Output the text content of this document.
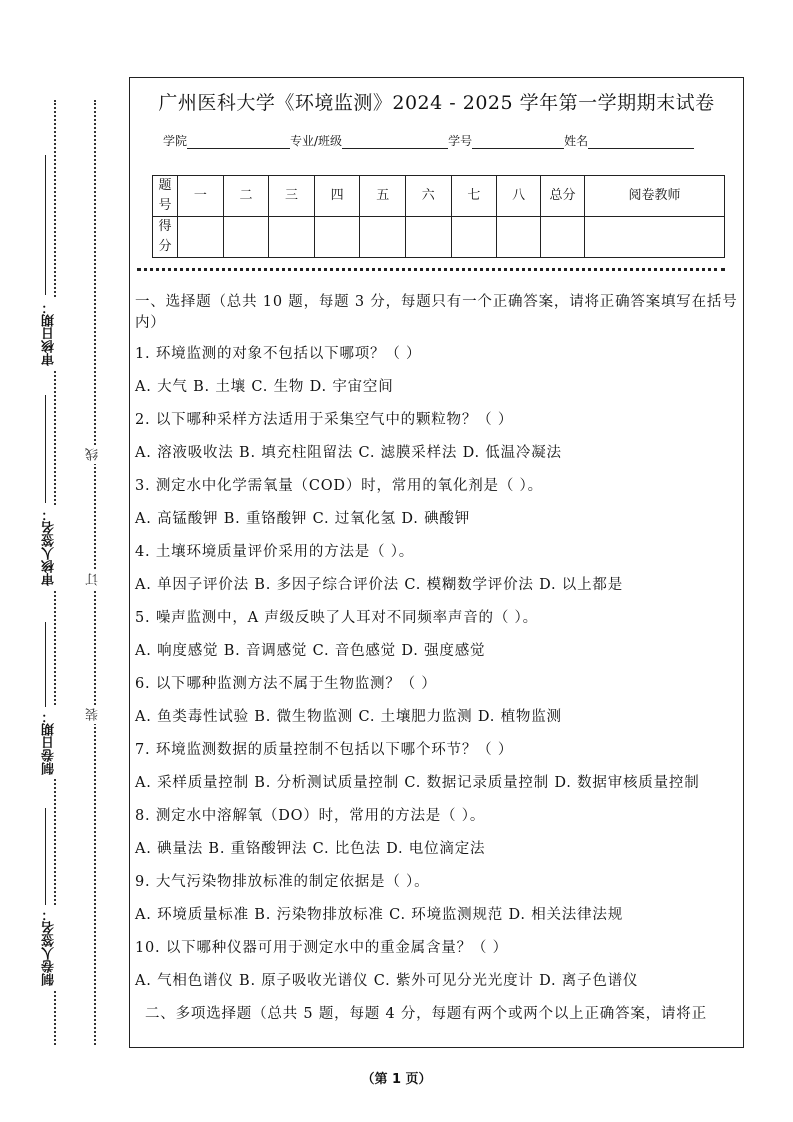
审核日期：
审核人签名：
制卷日期：
制卷人签名：
线
订
装
广州医科大学《环境监测》2024 - 2025 学年第一学期期末试卷
学院	专业/班级	学号	姓名
题号	一	二	三	四	五	六	七	八	总分	阅卷教师
得分										

一、选择题（总共 10 题，每题 3 分，每题只有一个正确答案，请将正确答案填写在括号内）

1. 环境监测的对象不包括以下哪项？（ ）

A. 大气 B. 土壤 C. 生物 D. 宇宙空间

2. 以下哪种采样方法适用于采集空气中的颗粒物？（ ）

A. 溶液吸收法 B. 填充柱阻留法 C. 滤膜采样法 D. 低温冷凝法

3. 测定水中化学需氧量（COD）时，常用的氧化剂是（ ）。

A. 高锰酸钾 B. 重铬酸钾 C. 过氧化氢 D. 碘酸钾

4. 土壤环境质量评价采用的方法是（ ）。

A. 单因子评价法 B. 多因子综合评价法 C. 模糊数学评价法 D. 以上都是

5. 噪声监测中，A 声级反映了人耳对不同频率声音的（ ）。

A. 响度感觉 B. 音调感觉 C. 音色感觉 D. 强度感觉

6. 以下哪种监测方法不属于生物监测？（ ）

A. 鱼类毒性试验 B. 微生物监测 C. 土壤肥力监测 D. 植物监测

7. 环境监测数据的质量控制不包括以下哪个环节？（ ）

A. 采样质量控制 B. 分析测试质量控制 C. 数据记录质量控制 D. 数据审核质量控制

8. 测定水中溶解氧（DO）时，常用的方法是（ ）。

A. 碘量法 B. 重铬酸钾法 C. 比色法 D. 电位滴定法

9. 大气污染物排放标准的制定依据是（ ）。

A. 环境质量标准 B. 污染物排放标准 C. 环境监测规范 D. 相关法律法规

10. 以下哪种仪器可用于测定水中的重金属含量？（ ）

A. 气相色谱仪 B. 原子吸收光谱仪 C. 紫外可见分光光度计 D. 离子色谱仪

二、多项选择题（总共 5 题，每题 4 分，每题有两个或两个以上正确答案，请将正

（第 1 页）
